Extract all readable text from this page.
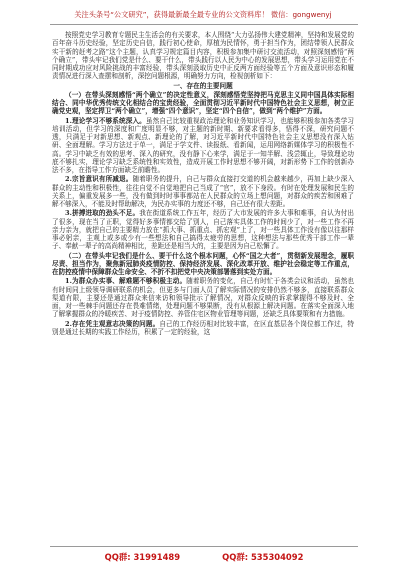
关注头条号“公文研究”，获得最新最全最专业的公文资料库！ 微信：gongwenyj

按照党史学习教育专题民主生活会的有关要求，本人围绕“大力弘扬伟大建党精神，坚持和发展党的百年奋斗历史经验，坚定历史自信，践行初心使命，厚植为民情怀，勇于担当作为，团结带领人民群众实干新的赶考之路”这个主题，认真学习规定篇目内容，积极参加集中研讨交流活动，对照深刻感悟“两个确立”，带头牢记我们党是什么、要干什么，带头践行以人民为中心的发展思想，带头学习运用党在不同时期成功应对风险挑战的丰富经验，带头深刻汲取历史中正反两方面经验等五个方面及意识形态和履责情况进行深入查摆和剖析，深挖问题根源，明确努力方向，检视剖析如下：

一、存在的主要问题

（一）在带头深刻感悟“两个确立”的决定性意义，深刻感悟党坚持把马克思主义同中国具体实际相结合、同中华优秀传统文化相结合的宝贵经验，全面贯彻习近平新时代中国特色社会主义思想，树立正确党史观，坚定捍卫“两个确立”，增强“四个意识”，坚定“四个自信”，做到“两个维护”方面。

1.理论学习不够系统深入。虽然自己比较重视政治理论和业务知识学习，也能够积极参加各类学习培训活动，但学习的深度和广度明显不够，对主题的新时期、新要求看得多，悟得不深，研究问题不透，只满足于对新思想、新观点、新理论的了解，对习近平新时代中国特色社会主义思想没有深入钻研、全面理解。学习方法过于单一，满足于学文件、读报纸、看新闻，运用网络新媒体学习的积极性不高。学习中缺乏有效的思考、深入的研究，没有静下心来学，满足于一知半解、浅尝辄止，导致理论功底不够扎实，理论学习缺乏系统性和实效性，造成开展工作时思想不够开阔，对新形势下工作的创新办法不多，在指导工作方面缺乏前瞻性。

2.宗旨意识有所减退。随着职务的提升，自己与群众直接打交道的机会越来越少，再加上缺少深入群众的主动性和积极性，往往自觉不自觉地把自己当成了“官”，放不下身段。有时在处理发展和民生的关系上，偏重发展多一些，没有做到时时事事都站在人民群众的立场上想问题，对群众的疾苦和困难了解不够深入，不能及时帮助解决，为民办实事的力度还不够，自己还有很大差距。

3.拼搏进取的劲头不足。我在街道系统工作五年，经历了大市发展的许多大事和难事，自认为付出了很多，现在当了正职，觉得好多事情都交给了别人，自己落实具体工作的时间少了，对一些工作不再亲力亲为，就把自己的主要精力放在“抓大事、抓重点、抓宏观”上了，对一些具体工作没有像以往那样事必躬亲，主观上或多或少有一些想法和自己搞得太疲劳的思想，这种想法与那些优秀干部工作一辈子、奉献一辈子的高尚精神相比，差距还是相当大的，主要是因为自己松懈了。

（二）在带头牢记我们是什么、要干什么这个根本问题，心怀“国之大者”，贯彻新发展理念，履职尽责、担当作为，聚焦新冠肺炎疫情防控、保持经济发展、深化改革开放、维护社会稳定等工作重点，在防控疫情中保障群众生命安全、不折不扣把党中央决策部署落到实处方面。

1.为群众办实事、解难题不够积极主动。随着职务的变化，自己有时忙于各类会议和活动，虽然也有时间同上级领导调研联系的机会，但更多与门面人员了解实际情况的安排仍然不够多，直接联系群众渠道有限，主要还是通过群众来信来访和领导批示了解情况，对群众反映的诉求掌握得不够及时、全面，对一些棘手问题还存在畏难情绪，处理问题不够果断，没有从根源上解决问题。在落实全面深入地了解掌握群众的冷暖疾苦、对于疫情防控、养管住宅区物业管理等问题，还缺乏具体要策和有力措施。

2.存在凭主观意志决策的问题。自己的工作经历相对比较丰富，在区直基层各个岗位都工作过，特别是通过长期的实践工作经历，积累了一定的经验，这

QQ群: 31991489	QQ群: 535304092
